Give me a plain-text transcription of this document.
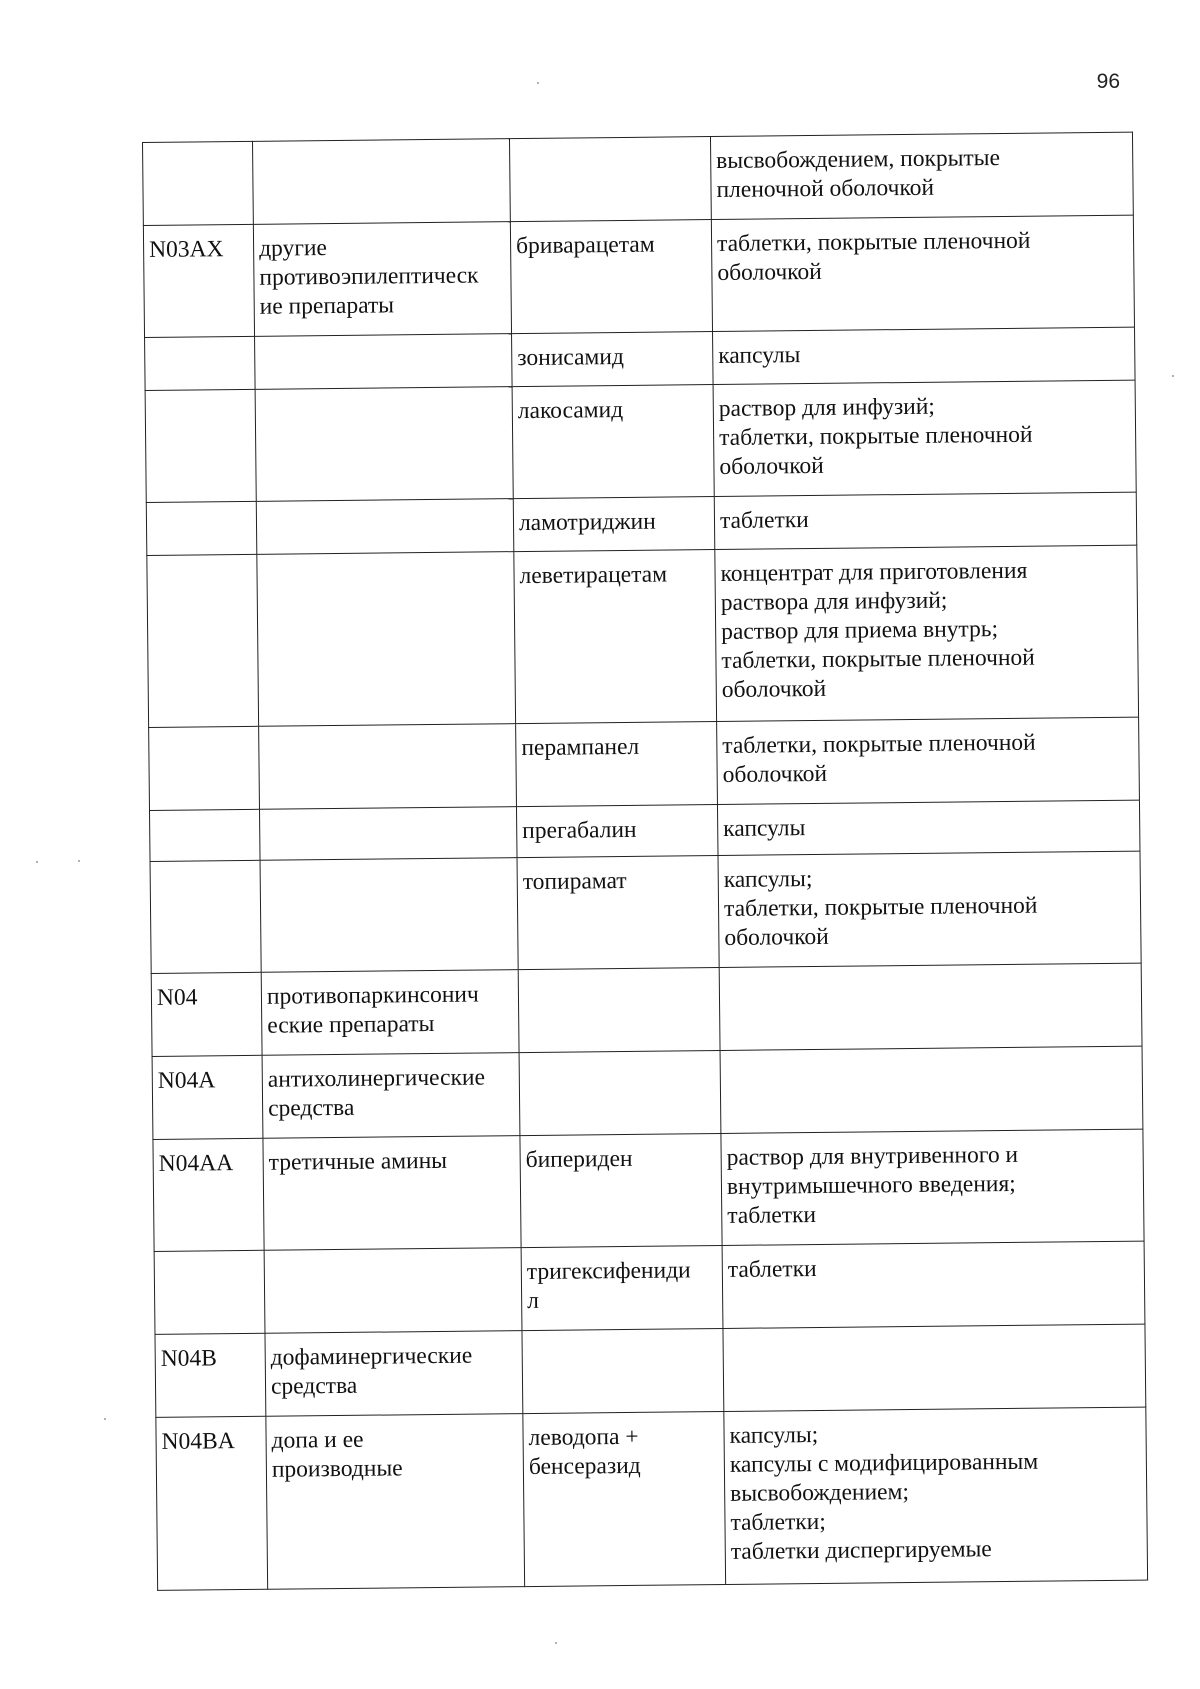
96
			высвобождением, покрытые
пленочной оболочкой
N03AX	другие
противоэпилептическ
ие препараты	бриварацетам	таблетки, покрытые пленочной
оболочкой
		зонисамид	капсулы
		лакосамид	раствор для инфузий;
таблетки, покрытые пленочной
оболочкой
		ламотриджин	таблетки
		леветирацетам	концентрат для приготовления
раствора для инфузий;
раствор для приема внутрь;
таблетки, покрытые пленочной
оболочкой
		перампанел	таблетки, покрытые пленочной
оболочкой
		прегабалин	капсулы
		топирамат	капсулы;
таблетки, покрытые пленочной
оболочкой
N04	противопаркинсонич
еские препараты		
N04A	антихолинергические
средства		
N04AA	третичные амины	бипериден	раствор для внутривенного и
внутримышечного введения;
таблетки
		тригексифениди
л	таблетки
N04B	дофаминергические
средства		
N04BA	допа и ее
производные	леводопа +
бенсеразид	капсулы;
капсулы с модифицированным
высвобождением;
таблетки;
таблетки диспергируемые
